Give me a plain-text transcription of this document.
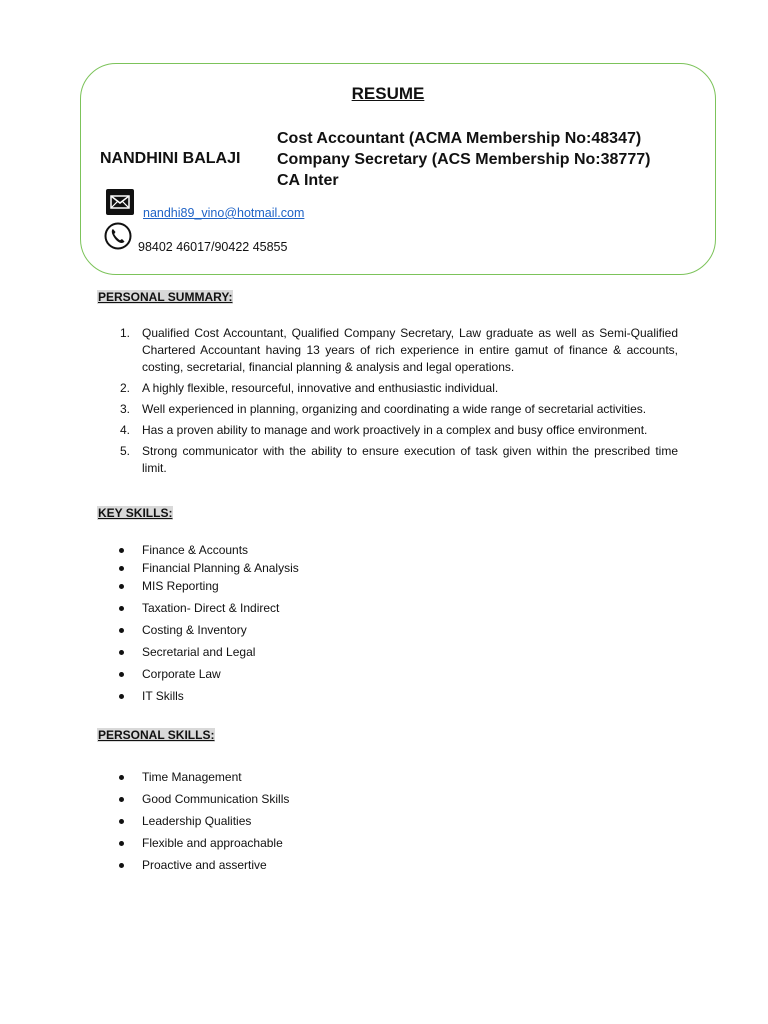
RESUME
NANDHINI BALAJI
Cost Accountant (ACMA Membership No:48347)
Company Secretary (ACS Membership No:38777)
CA Inter
nandhi89_vino@hotmail.com
98402 46017/90422 45855
PERSONAL SUMMARY:
1. Qualified Cost Accountant, Qualified Company Secretary, Law graduate as well as Semi-Qualified Chartered Accountant having 13 years of rich experience in entire gamut of finance & accounts, costing, secretarial, financial planning & analysis and legal operations.
2. A highly flexible, resourceful, innovative and enthusiastic individual.
3. Well experienced in planning, organizing and coordinating a wide range of secretarial activities.
4. Has a proven ability to manage and work proactively in a complex and busy office environment.
5. Strong communicator with the ability to ensure execution of task given within the prescribed time limit.
KEY SKILLS:
Finance & Accounts
Financial Planning & Analysis
MIS Reporting
Taxation- Direct & Indirect
Costing & Inventory
Secretarial and Legal
Corporate Law
IT Skills
PERSONAL SKILLS:
Time Management
Good Communication Skills
Leadership Qualities
Flexible and approachable
Proactive and assertive
